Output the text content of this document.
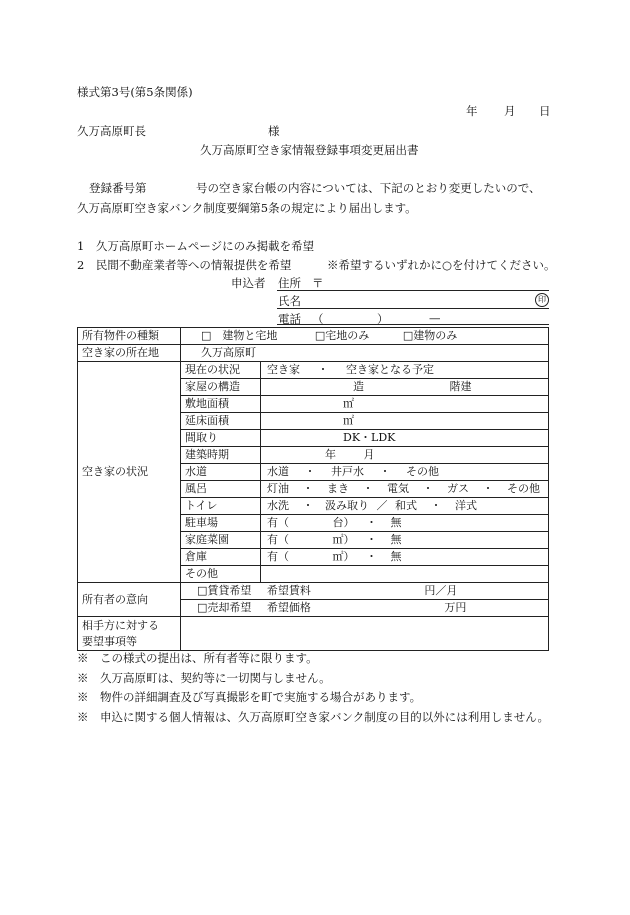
様式第3号(第5条関係)
年 月 日
久万高原町長	様
久万高原町空き家情報登録事項変更届出書
登録番号第	号の空き家台帳の内容については、下記のとおり変更したいので、
久万高原町空き家バンク制度要綱第5条の規定により届出します。
1　久万高原町ホームページにのみ掲載を希望
2　民間不動産業者等への情報提供を希望	※希望するいずれかに○を付けてください。
申込者 住所 〒
氏名	印
電話 （	）	—
所有物件の種類	□　建物と宅地 □宅地のみ □建物のみ	
空き家の所在地	久万高原町	
空き家の状況	現在の状況	空き家 ・ 空き家となる予定
	家屋の構造	造 階建
	敷地面積	㎡
	延床面積	㎡
	間取り	DK・LDK
	建築時期	年 月
	水道	水道 ・ 井戸水 ・ その他
	風呂	灯油 ・ まき ・ 電気 ・ ガス ・ その他
	トイレ	水洗 ・ 汲み取り ／ 和式 ・ 洋式
	駐車場	有（ 台） ・ 無
	家庭菜園	有（ ㎡） ・ 無
	倉庫	有（ ㎡） ・ 無
	その他	
所有者の意向	□賃貸希望 希望賃料 円／月	
	□売却希望 希望価格 万円	

相手方に対する
要望事項等		

※　この様式の提出は、所有者等に限ります。
※　久万高原町は、契約等に一切関与しません。
※　物件の詳細調査及び写真撮影を町で実施する場合があります。
※　申込に関する個人情報は、久万高原町空き家バンク制度の目的以外には利用しません。
